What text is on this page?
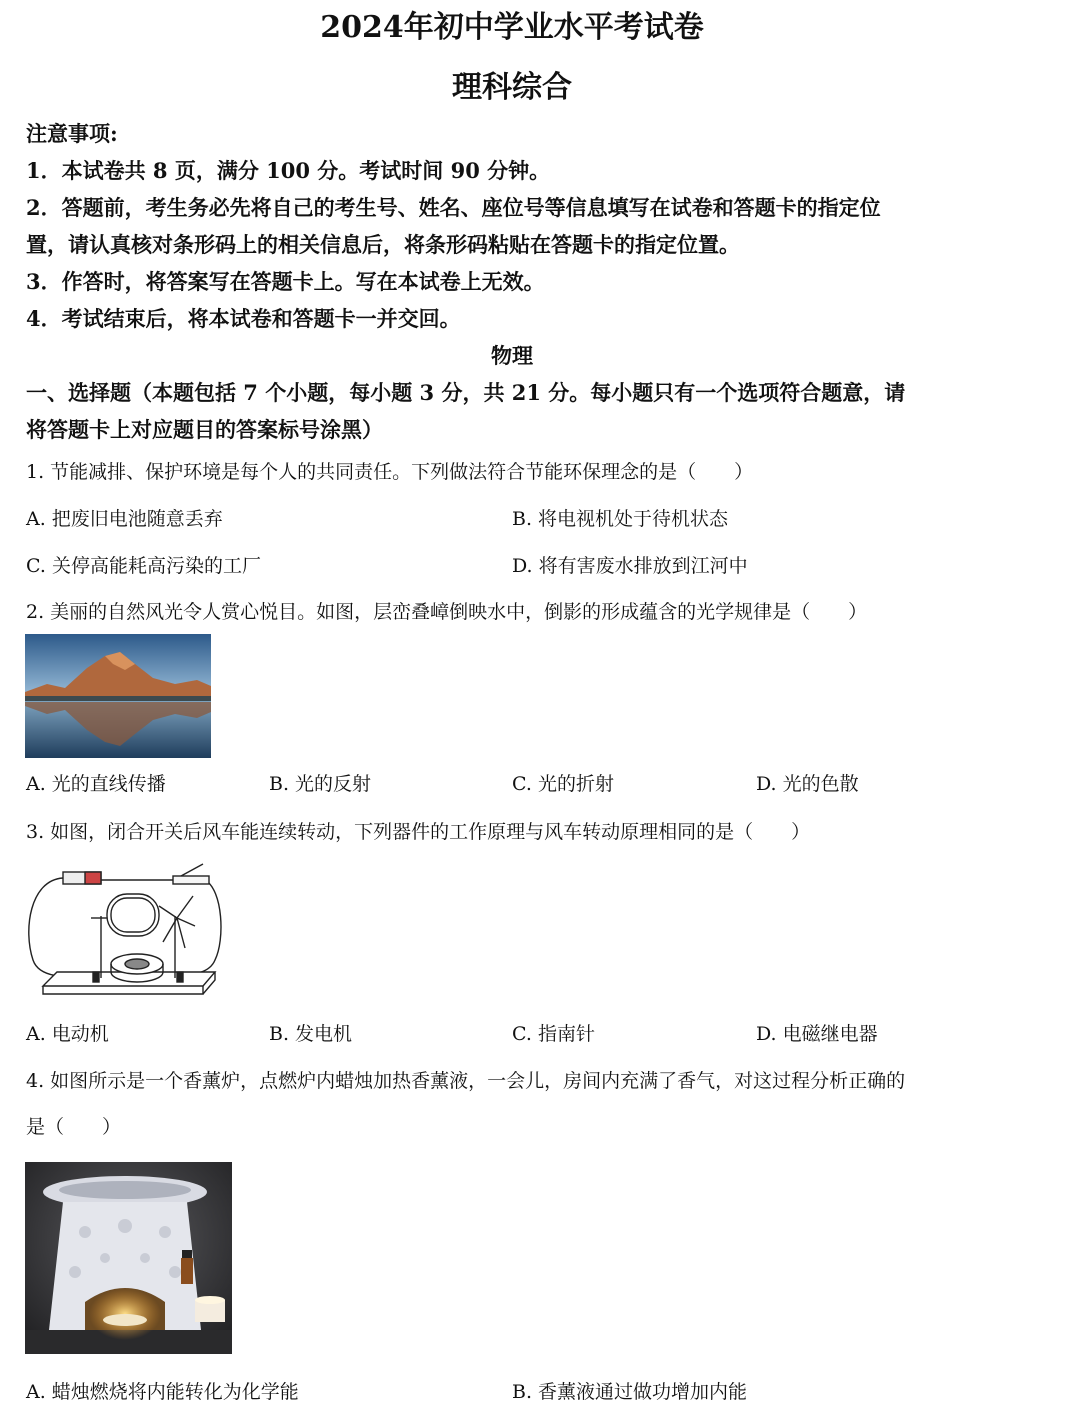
2024年初中学业水平考试卷
理科综合
注意事项:
1．本试卷共 8 页，满分 100 分。考试时间 90 分钟。
2．答题前，考生务必先将自己的考生号、姓名、座位号等信息填写在试卷和答题卡的指定位
置，请认真核对条形码上的相关信息后，将条形码粘贴在答题卡的指定位置。
3．作答时，将答案写在答题卡上。写在本试卷上无效。
4．考试结束后，将本试卷和答题卡一并交回。
物理
一、选择题（本题包括 7 个小题，每小题 3 分，共 21 分。每小题只有一个选项符合题意，请
将答题卡上对应题目的答案标号涂黑）
1. 节能减排、保护环境是每个人的共同责任。下列做法符合节能环保理念的是（　　）
A. 把废旧电池随意丢弃	B. 将电视机处于待机状态
C. 关停高能耗高污染的工厂	D. 将有害废水排放到江河中
2. 美丽的自然风光令人赏心悦目。如图，层峦叠嶂倒映水中，倒影的形成蕴含的光学规律是（　　）
A. 光的直线传播	B. 光的反射	C. 光的折射	D. 光的色散
3. 如图，闭合开关后风车能连续转动，下列器件的工作原理与风车转动原理相同的是（　　）
A. 电动机	B. 发电机	C. 指南针	D. 电磁继电器
4. 如图所示是一个香薰炉，点燃炉内蜡烛加热香薰液，一会儿，房间内充满了香气，对这过程分析正确的
是（　　）
A. 蜡烛燃烧将内能转化为化学能	B. 香薰液通过做功增加内能
